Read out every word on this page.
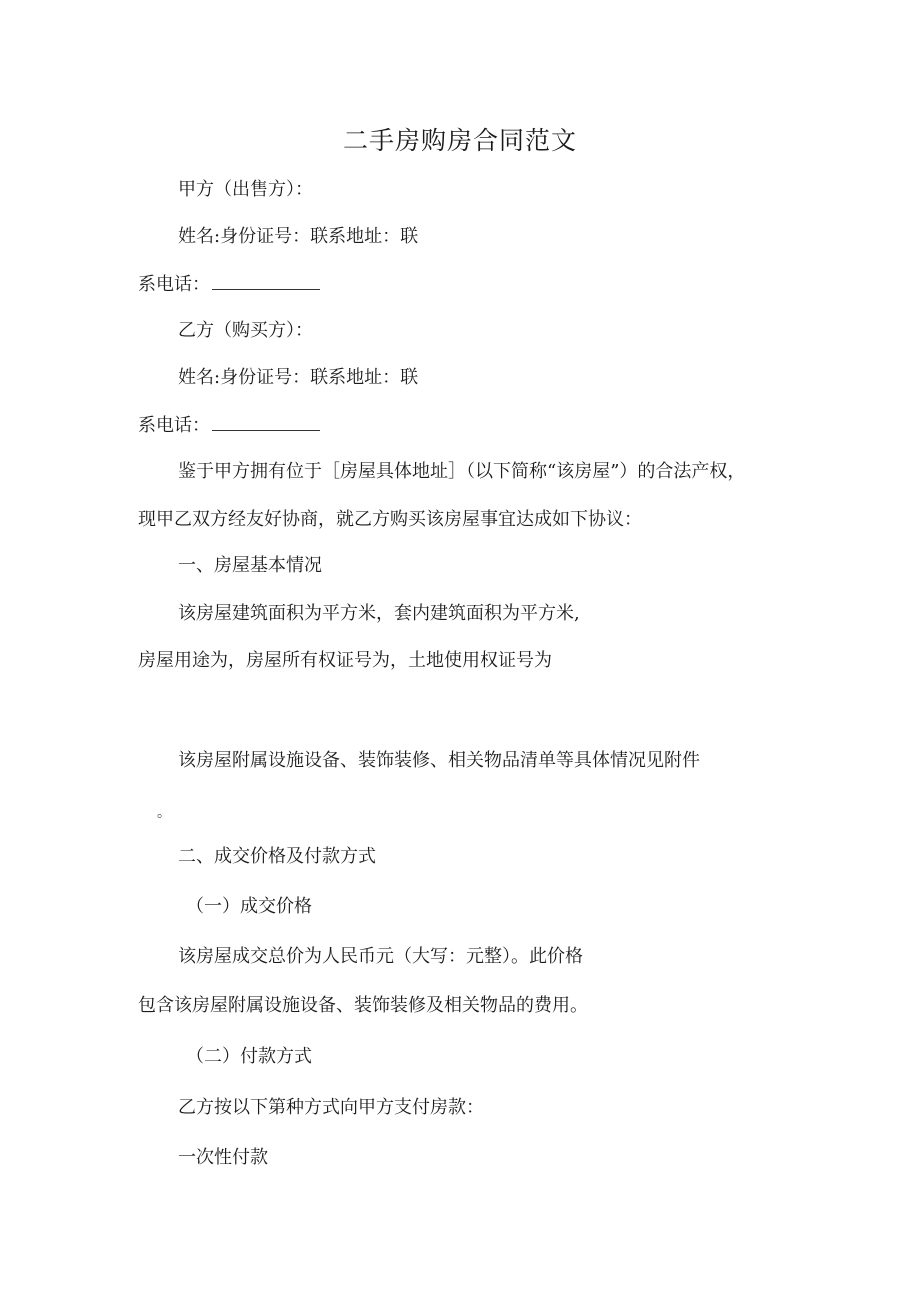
二手房购房合同范文
甲方（出售方）：
姓名:身份证号：联系地址：联
系电话：
乙方（购买方）：
姓名:身份证号：联系地址：联
系电话：
鉴于甲方拥有位于［房屋具体地址］（以下简称“该房屋”）的合法产权，
现甲乙双方经友好协商，就乙方购买该房屋事宜达成如下协议：
一、房屋基本情况
该房屋建筑面积为平方米，套内建筑面积为平方米,
房屋用途为，房屋所有权证号为，土地使用权证号为
该房屋附属设施设备、装饰装修、相关物品清单等具体情况见附件
。
二、成交价格及付款方式
（一）成交价格
该房屋成交总价为人民币元（大写：元整）。此价格
包含该房屋附属设施设备、装饰装修及相关物品的费用。
（二）付款方式
乙方按以下第种方式向甲方支付房款：
一次性付款
